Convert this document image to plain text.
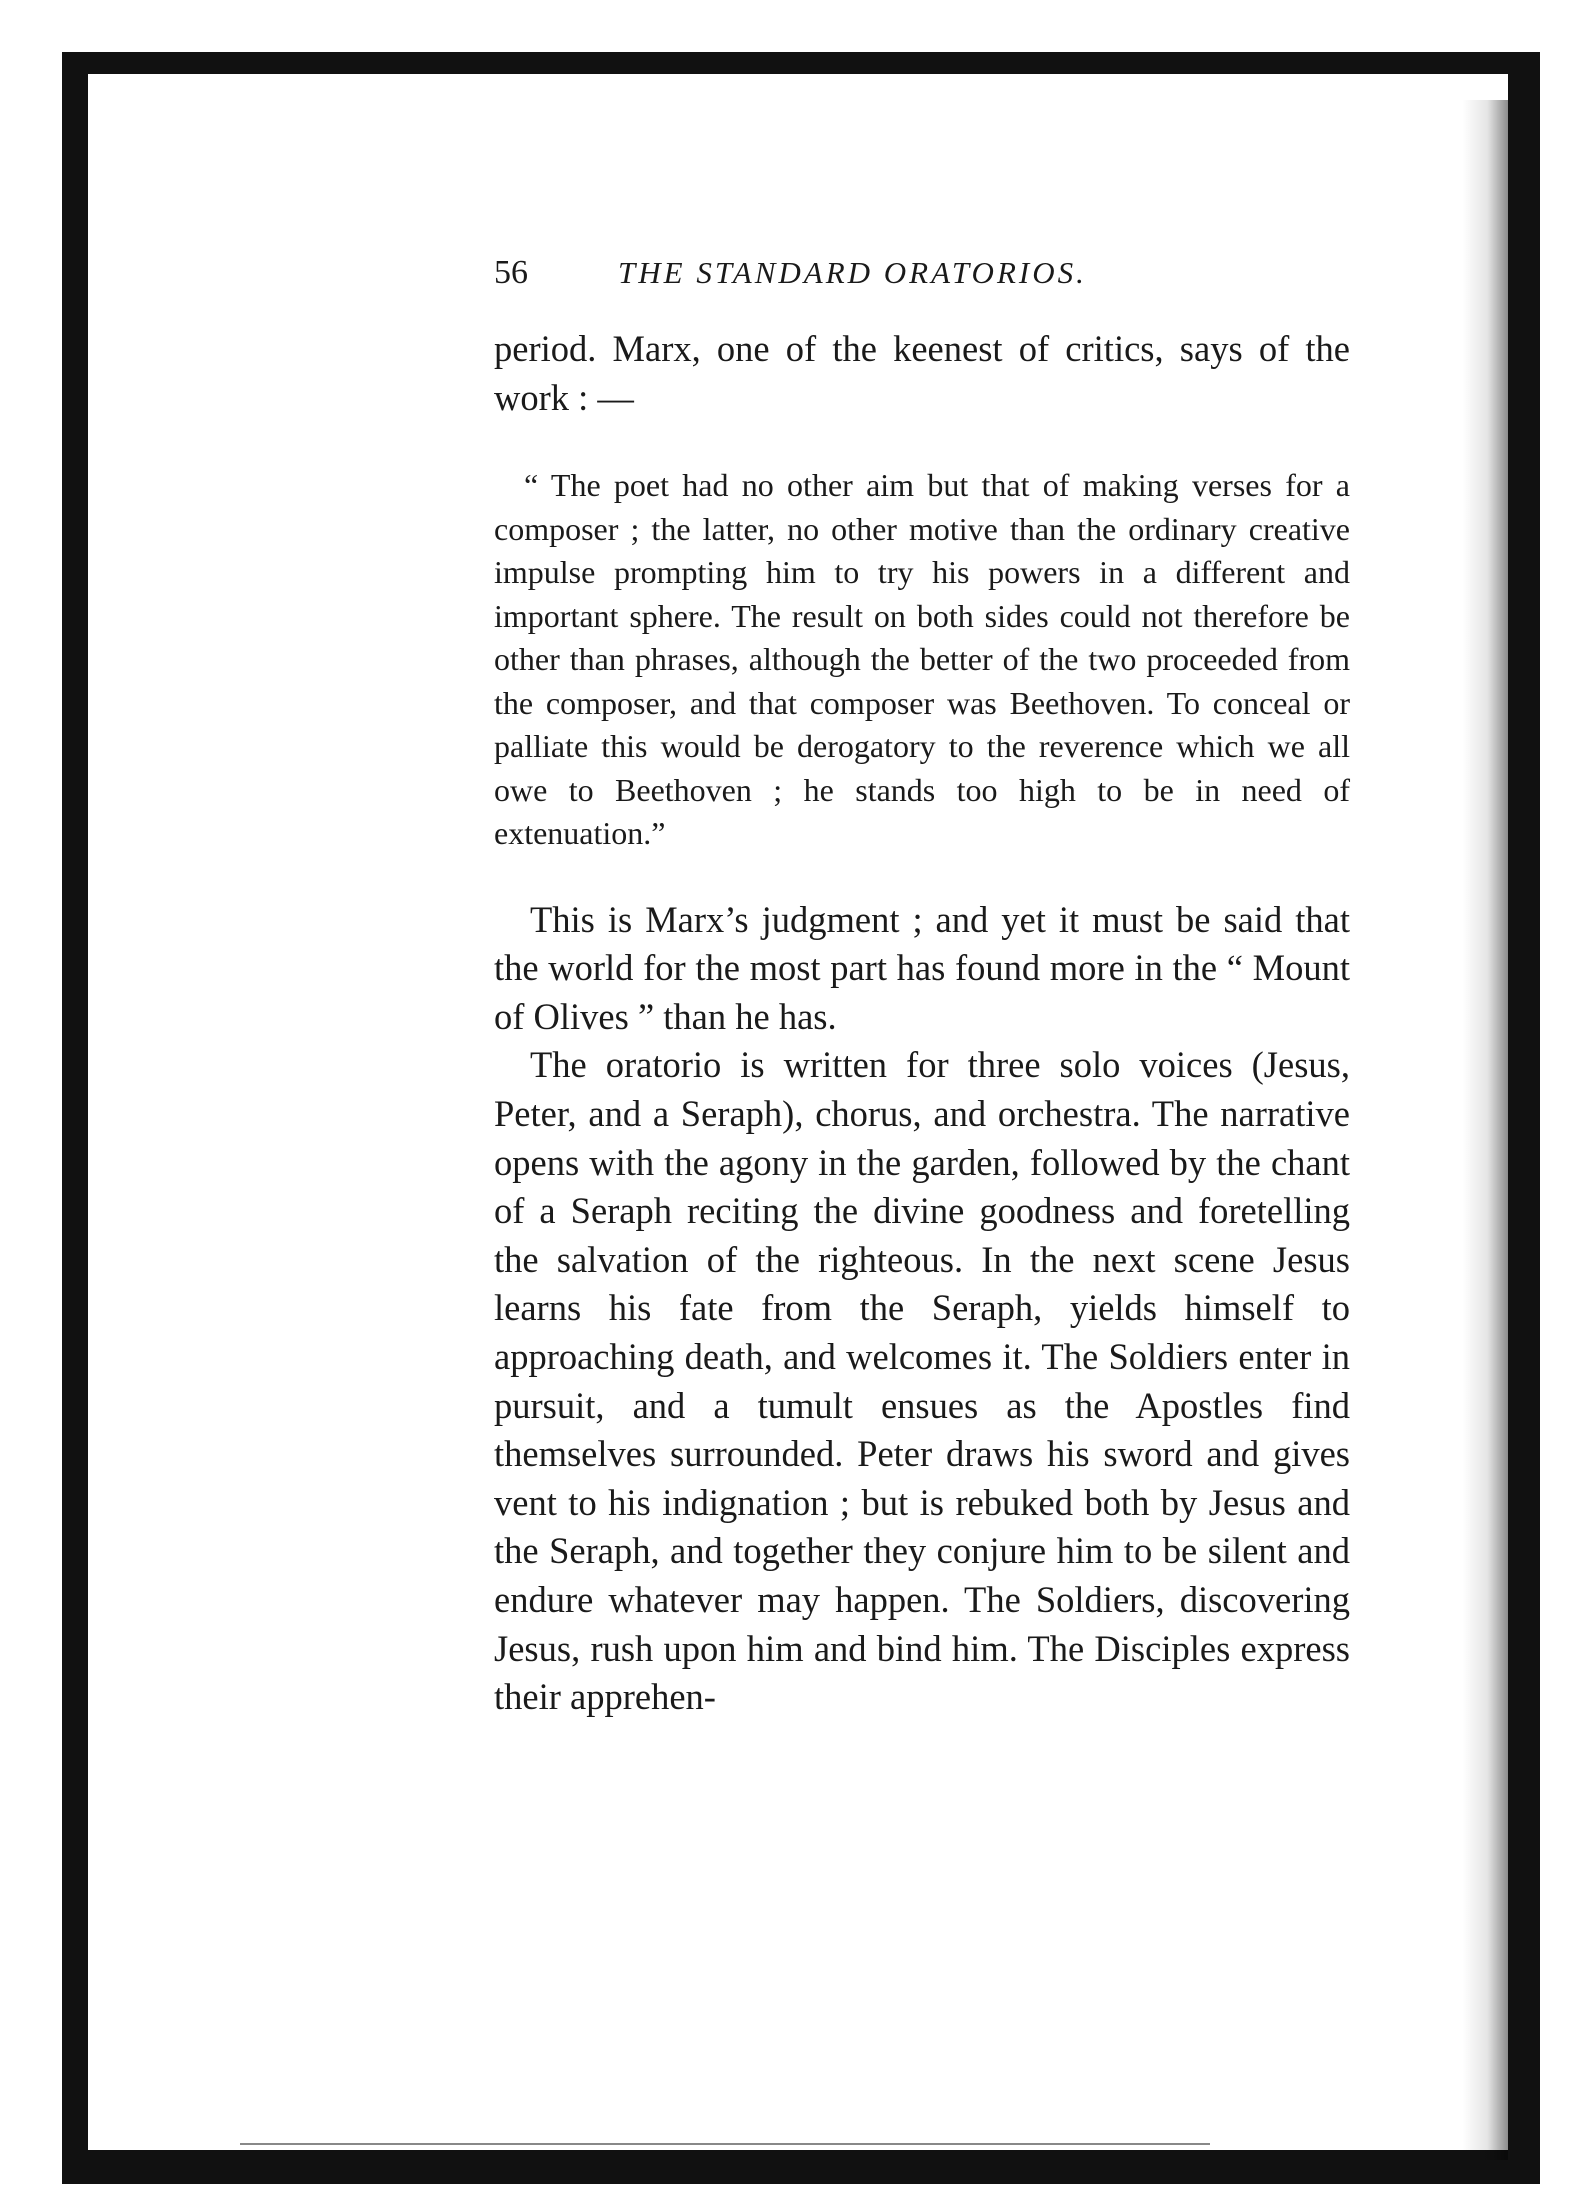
56	THE STANDARD ORATORIOS.

period. Marx, one of the keenest of critics, says of the work : —

“ The poet had no other aim but that of making verses for a composer ; the latter, no other motive than the ordinary creative impulse prompting him to try his powers in a different and important sphere. The result on both sides could not therefore be other than phrases, although the better of the two proceeded from the composer, and that composer was Beethoven. To conceal or palliate this would be derogatory to the reverence which we all owe to Beethoven ; he stands too high to be in need of extenuation.”

This is Marx’s judgment ; and yet it must be said that the world for the most part has found more in the “ Mount of Olives ” than he has.

The oratorio is written for three solo voices (Jesus, Peter, and a Seraph), chorus, and orchestra. The narrative opens with the agony in the garden, followed by the chant of a Seraph reciting the divine goodness and foretelling the salvation of the righteous. In the next scene Jesus learns his fate from the Seraph, yields himself to approaching death, and welcomes it. The Soldiers enter in pursuit, and a tumult ensues as the Apostles find themselves surrounded. Peter draws his sword and gives vent to his indignation ; but is rebuked both by Jesus and the Seraph, and together they conjure him to be silent and endure whatever may happen. The Soldiers, discovering Jesus, rush upon him and bind him. The Disciples express their apprehen-
